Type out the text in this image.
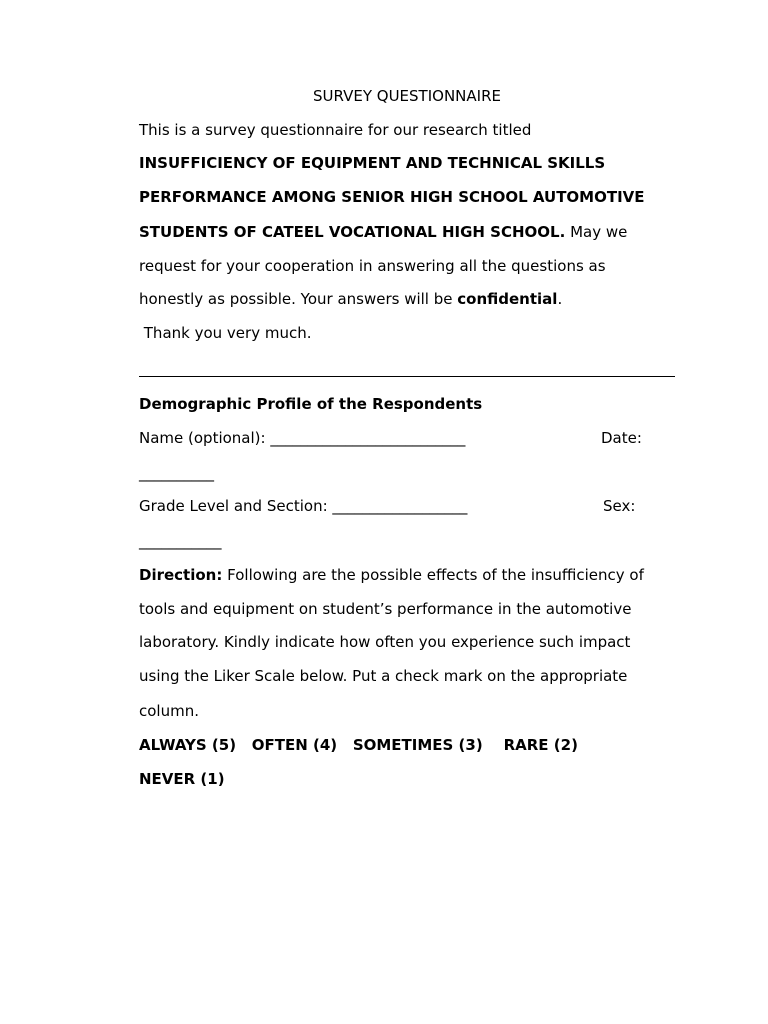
SURVEY QUESTIONNAIRE
This is a survey questionnaire for our research titled
INSUFFICIENCY OF EQUIPMENT AND TECHNICAL SKILLS
PERFORMANCE AMONG SENIOR HIGH SCHOOL AUTOMOTIVE
STUDENTS OF CATEEL VOCATIONAL HIGH SCHOOL. May we
request for your cooperation in answering all the questions as
honestly as possible. Your answers will be confidential.
Thank you very much.
Demographic Profile of the Respondents
Name (optional): __________________________	Date:
__________
Grade Level and Section: __________________	Sex:
___________
Direction: Following are the possible effects of the insufficiency of
tools and equipment on student’s performance in the automotive
laboratory. Kindly indicate how often you experience such impact
using the Liker Scale below. Put a check mark on the appropriate
column.
ALWAYS (5)   OFTEN (4)   SOMETIMES (3)    RARE (2)
NEVER (1)
